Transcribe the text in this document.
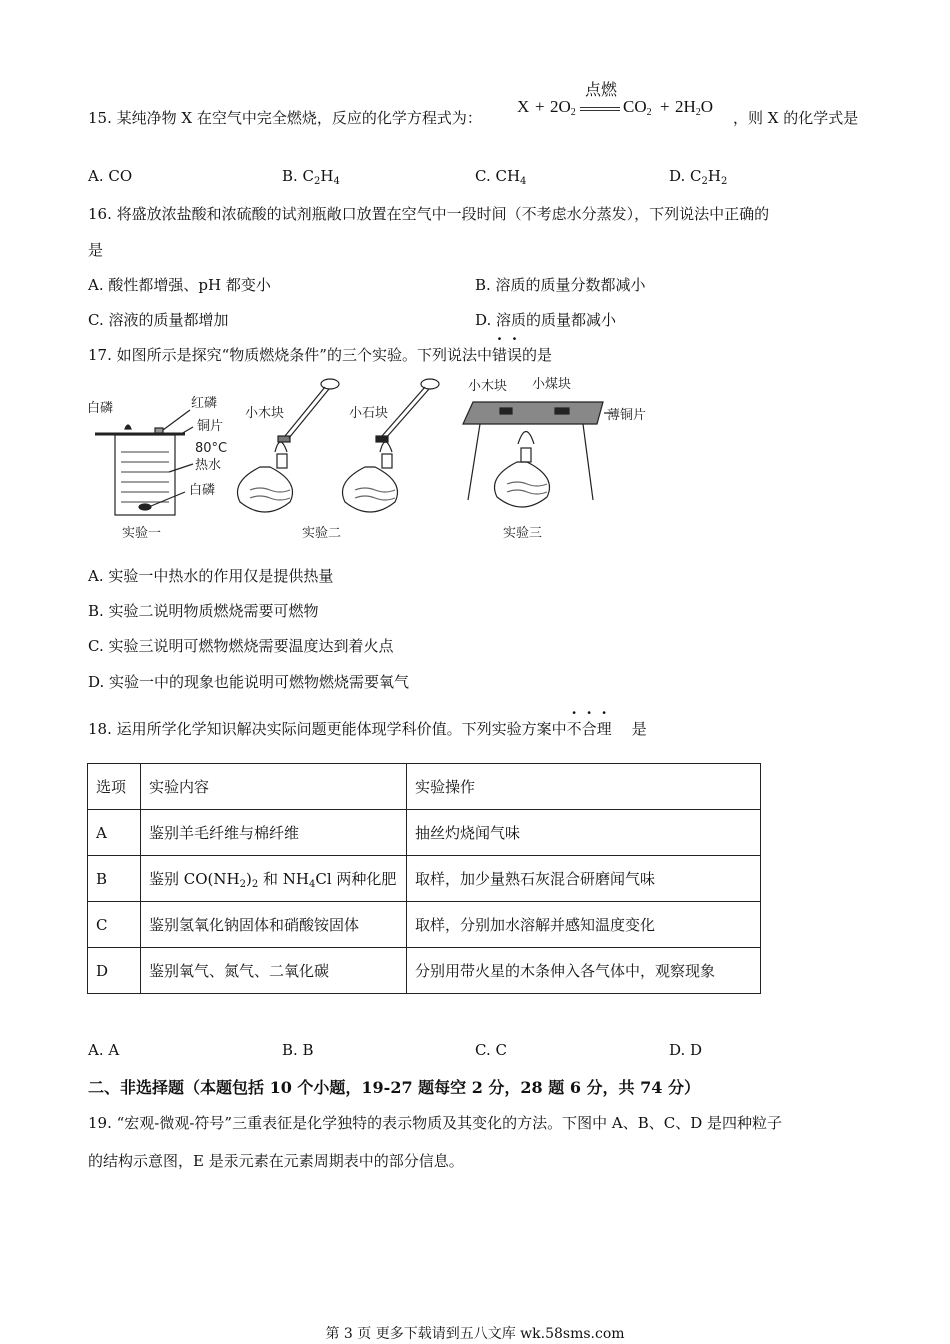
15. 某纯净物 X 在空气中完全燃烧，反应的化学方程式为：
$X + 2O_2$
点燃
$CO_2 + 2H_2O$
，则 X 的化学式是
A. CO	B. $C_2H_4$	C. $CH_4$	D. $C_2H_2$
16. 将盛放浓盐酸和浓硫酸的试剂瓶敞口放置在空气中一段时间（不考虑水分蒸发），下列说法中正确的
是
A. 酸性都增强、pH 都变小	B. 溶质的质量分数都减小
C. 溶液的质量都增加	D. 溶质的质量都减小
17. 如图所示是探究“物质燃烧条件”的三个实验。下列说法中错误的是
白磷	红磷
铜片
80°C
热水
白磷
实验一
小木块	小石块
实验二
小木块 小煤块
薄铜片
实验三
A. 实验一中热水的作用仅是提供热量
B. 实验二说明物质燃烧需要可燃物
C. 实验三说明可燃物燃烧需要温度达到着火点
D. 实验一中的现象也能说明可燃物燃烧需要氧气
18. 运用所学化学知识解决实际问题更能体现学科价值。下列实验方案中不合理 是
选项	实验内容	实验操作
A	鉴别羊毛纤维与棉纤维	抽丝灼烧闻气味
B	鉴别 $CO(NH_2)_2$ 和 $NH_4Cl$ 两种化肥	取样，加少量熟石灰混合研磨闻气味
C	鉴别氢氧化钠固体和硝酸铵固体	取样，分别加水溶解并感知温度变化
D	鉴别氧气、氮气、二氧化碳	分别用带火星的木条伸入各气体中，观察现象
A. A	B. B	C. C	D. D
二、非选择题（本题包括 10 个小题，19-27 题每空 2 分，28 题 6 分，共 74 分）
19. “宏观-微观-符号”三重表征是化学独特的表示物质及其变化的方法。下图中 A、B、C、D 是四种粒子
的结构示意图，E 是汞元素在元素周期表中的部分信息。
第 3 页 更多下载请到五八文库 wk.58sms.com
